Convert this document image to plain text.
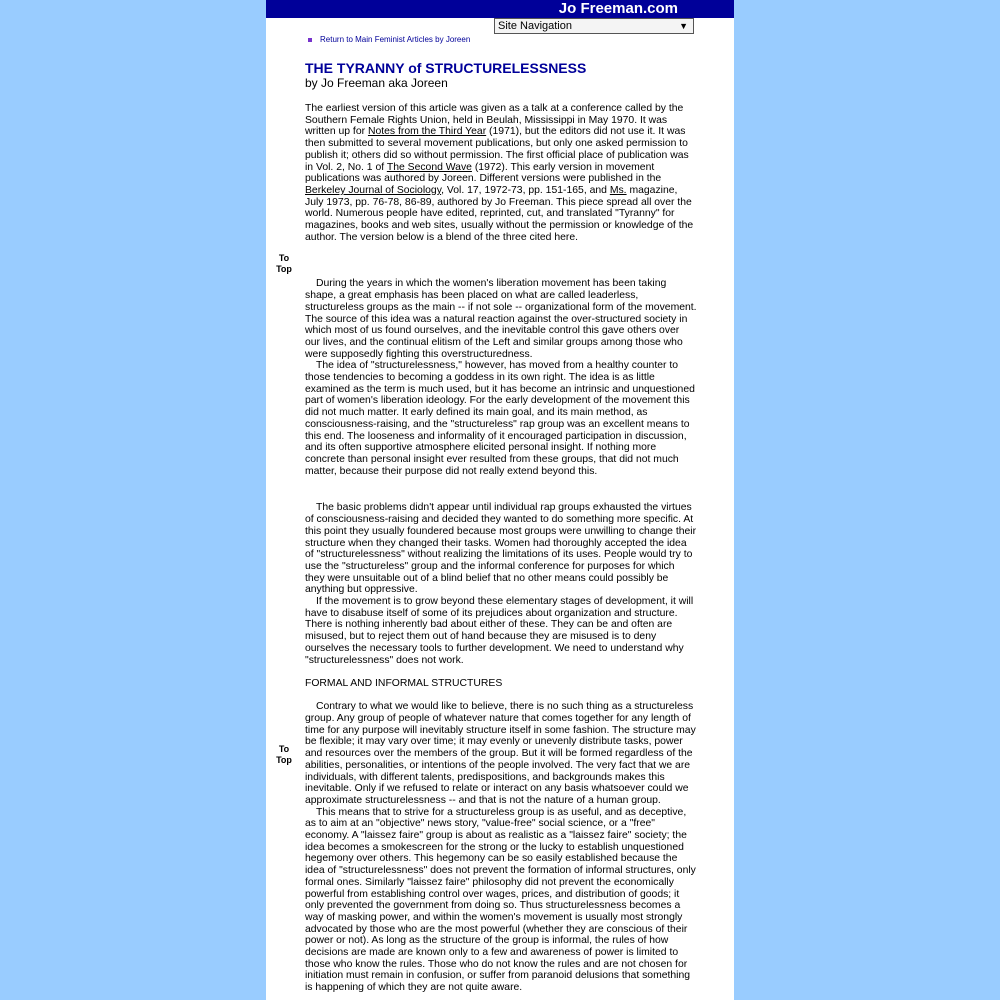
Jo Freeman.com
Site Navigation	▼
Return to Main Feminist Articles by Joreen
To Top
To Top
THE TYRANNY of STRUCTURELESSNESS
by Jo Freeman aka Joreen

The earliest version of this article was given as a talk at a conference called by the Southern Female Rights Union, held in Beulah, Mississippi in May 1970. It was written up for Notes from the Third Year (1971), but the editors did not use it. It was then submitted to several movement publications, but only one asked permission to publish it; others did so without permission. The first official place of publication was in Vol. 2, No. 1 of The Second Wave (1972). This early version in movement publications was authored by Joreen. Different versions were published in the Berkeley Journal of Sociology, Vol. 17, 1972-73, pp. 151-165, and Ms. magazine, July 1973, pp. 76-78, 86-89, authored by Jo Freeman. This piece spread all over the world. Numerous people have edited, reprinted, cut, and translated "Tyranny" for magazines, books and web sites, usually without the permission or knowledge of the author. The version below is a blend of the three cited here.

During the years in which the women's liberation movement has been taking shape, a great emphasis has been placed on what are called leaderless, structureless groups as the main -- if not sole -- organizational form of the movement. The source of this idea was a natural reaction against the over-structured society in which most of us found ourselves, and the inevitable control this gave others over our lives, and the continual elitism of the Left and similar groups among those who were supposedly fighting this overstructuredness.

The idea of "structurelessness," however, has moved from a healthy counter to those tendencies to becoming a goddess in its own right. The idea is as little examined as the term is much used, but it has become an intrinsic and unquestioned part of women's liberation ideology. For the early development of the movement this did not much matter. It early defined its main goal, and its main method, as consciousness-raising, and the "structureless" rap group was an excellent means to this end. The looseness and informality of it encouraged participation in discussion, and its often supportive atmosphere elicited personal insight. If nothing more concrete than personal insight ever resulted from these groups, that did not much matter, because their purpose did not really extend beyond this.

The basic problems didn't appear until individual rap groups exhausted the virtues of consciousness-raising and decided they wanted to do something more specific. At this point they usually foundered because most groups were unwilling to change their structure when they changed their tasks. Women had thoroughly accepted the idea of "structurelessness" without realizing the limitations of its uses. People would try to use the "structureless" group and the informal conference for purposes for which they were unsuitable out of a blind belief that no other means could possibly be anything but oppressive.

If the movement is to grow beyond these elementary stages of development, it will have to disabuse itself of some of its prejudices about organization and structure. There is nothing inherently bad about either of these. They can be and often are misused, but to reject them out of hand because they are misused is to deny ourselves the necessary tools to further development. We need to understand why "structurelessness" does not work.

FORMAL AND INFORMAL STRUCTURES

Contrary to what we would like to believe, there is no such thing as a structureless group. Any group of people of whatever nature that comes together for any length of time for any purpose will inevitably structure itself in some fashion. The structure may be flexible; it may vary over time; it may evenly or unevenly distribute tasks, power and resources over the members of the group. But it will be formed regardless of the abilities, personalities, or intentions of the people involved. The very fact that we are individuals, with different talents, predispositions, and backgrounds makes this inevitable. Only if we refused to relate or interact on any basis whatsoever could we approximate structurelessness -- and that is not the nature of a human group.

This means that to strive for a structureless group is as useful, and as deceptive, as to aim at an "objective" news story, "value-free" social science, or a "free" economy. A "laissez faire" group is about as realistic as a "laissez faire" society; the idea becomes a smokescreen for the strong or the lucky to establish unquestioned hegemony over others. This hegemony can be so easily established because the idea of "structurelessness" does not prevent the formation of informal structures, only formal ones. Similarly "laissez faire" philosophy did not prevent the economically powerful from establishing control over wages, prices, and distribution of goods; it only prevented the government from doing so. Thus structurelessness becomes a way of masking power, and within the women's movement is usually most strongly advocated by those who are the most powerful (whether they are conscious of their power or not). As long as the structure of the group is informal, the rules of how decisions are made are known only to a few and awareness of power is limited to those who know the rules. Those who do not know the rules and are not chosen for initiation must remain in confusion, or suffer from paranoid delusions that something is happening of which they are not quite aware.
